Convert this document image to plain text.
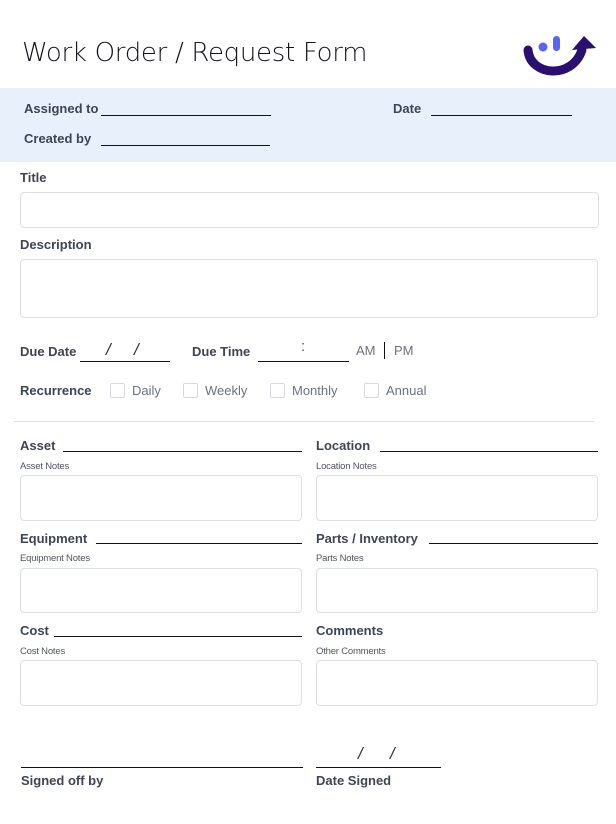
Work Order / Request Form
Assigned to	Date
Created by
Title
Description
Due Date / /	Due Time	:	AM PM
Recurrence	Daily	Weekly	Monthly	Annual
Asset
Asset Notes
Location
Location Notes
Equipment
Equipment Notes
Parts / Inventory
Parts Notes
Cost
Cost Notes
Comments
Other Comments
Signed off by
/ /
Date Signed
